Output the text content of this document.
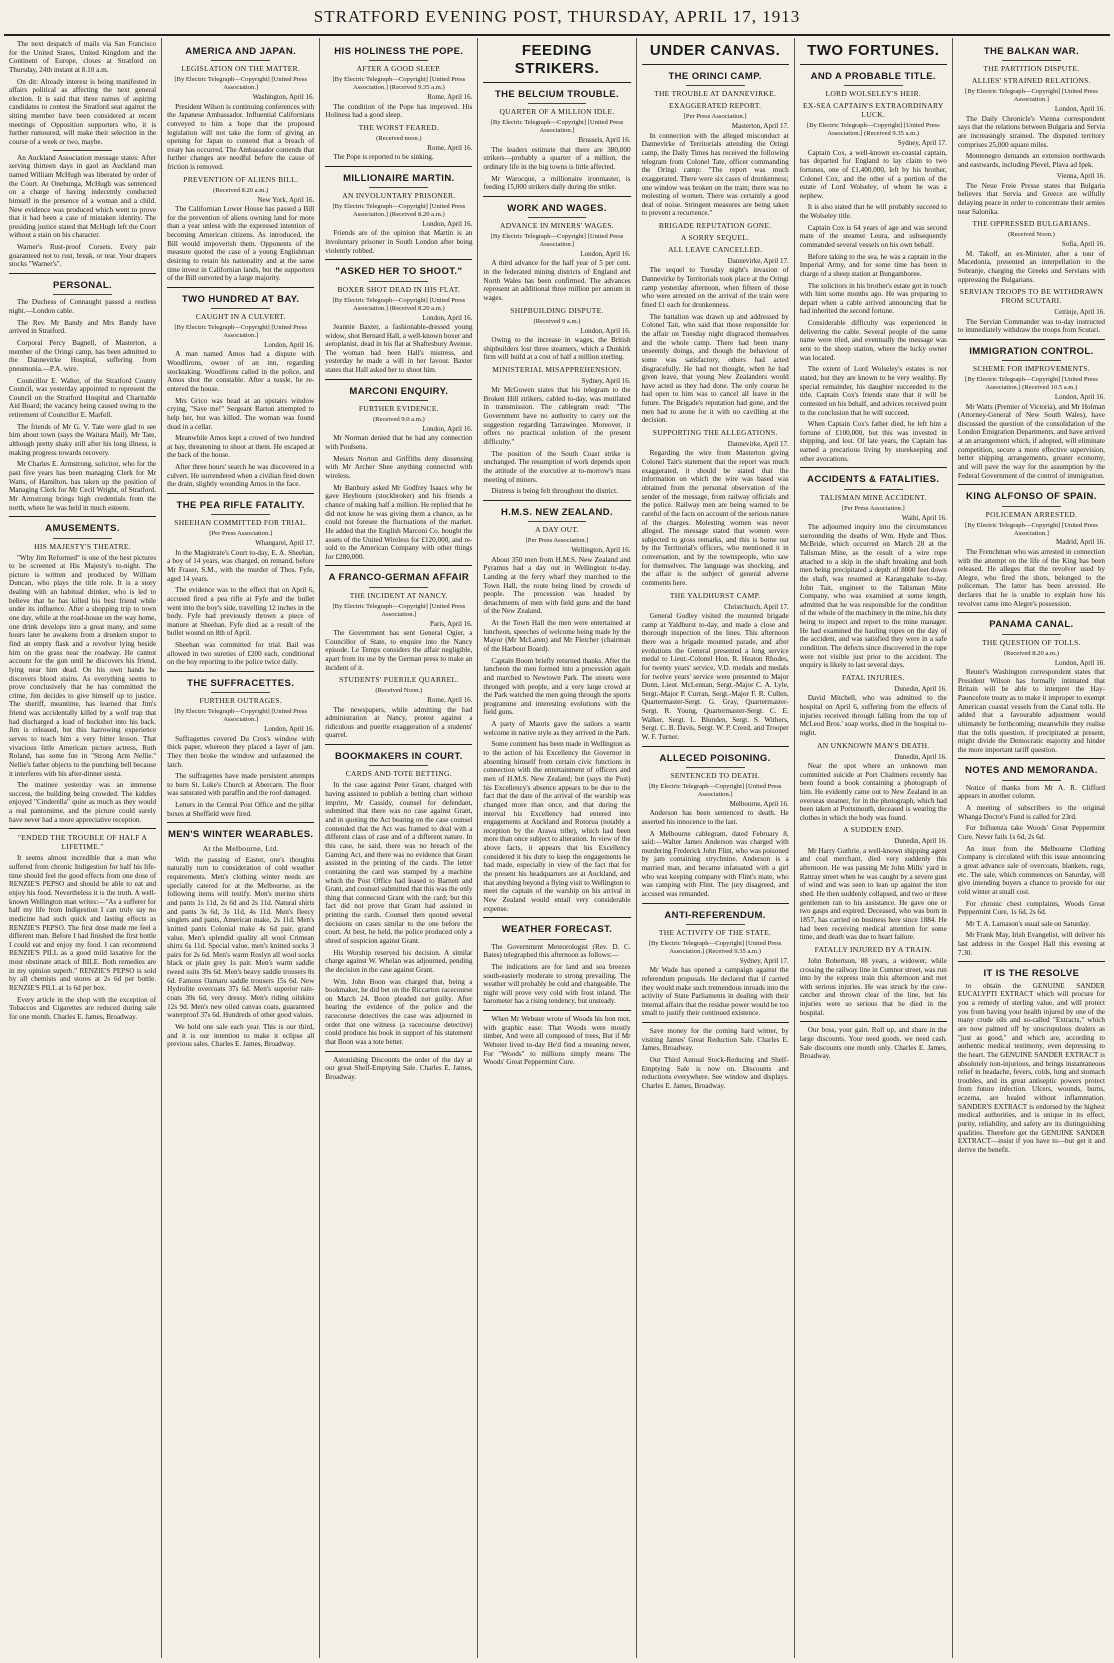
STRATFORD EVENING POST, THURSDAY, APRIL 17, 1913

The next despatch of mails via San Francisco for the United States, United Kingdom and the Continent of Europe, closes at Stratford on Thursday, 24th instant at 8.10 a.m.

On dit: Already interest is being manifested in affairs political as affecting the next general election. It is said that three names of aspiring candidates to contest the Stratford seat against the sitting member have been considered at recent meetings of Opposition supporters who, it is further rumoured, will make their selection in the course of a week or two, maybe.

An Auckland Association message states: After serving thirteen days in gaol an Auckland man named William McHugh was liberated by order of the Court. At Onehunga, McHugh was sentenced on a charge of having indecently conducted himself in the presence of a woman and a child. New evidence was produced which went to prove that it had been a case of mistaken identity. The presiding justice stated that McHugh left the Court without a stain on his character.

Warner's Rust-proof Corsets. Every pair guaranteed not to rust, break, or tear. Your drapers stocks "Warner's".

PERSONAL.

The Duchess of Connaught passed a restless night.—London cable.

The Rev. Mr Bandy and Mrs Bandy have arrived in Stratford.

Corporal Percy Bagnell, of Masterton, a member of the Oringi camp, has been admitted to the Dannevirke Hospital, suffering from pneumonia.—P.A. wire.

Councillor E. Walter, of the Stratford County Council, was yesterday appointed to represent the Council on the Stratford Hospital and Charitable Aid Board; the vacancy being caused owing to the retirement of Councillor E. Marfell.

The friends of Mr G. V. Tate were glad to see him about town (says the Waitara Mail). Mr Tate, although pretty shaky still after his long illness, is making progress towards recovery.

Mr Charles E. Armstrong, solicitor, who for the past five years has been managing Clerk for Mr Watts, of Hamilton, has taken up the position of Managing Clerk for Mr Cecil Wright, of Stratford. Mr Armstrong brings high credentials from the north, where he was held in much esteem.

AMUSEMENTS.
HIS MAJESTY'S THEATRE.

"Why Jim Reformed" is one of the best pictures to be screened at His Majesty's to-night. The picture is written and produced by William Duncan, who plays the title role. It is a story dealing with an habitual drinker, who is led to believe that he has killed his best friend while under its influence. After a shopping trip to town one day, while at the road-house on the way home, one drink develops into a great many, and some hours later he awakens from a drunken stupor to find an empty flask and a revolver lying beside him on the grass near the roadway. He cannot account for the gun until he discovers his friend, lying near him dead. On his own hands he discovers blood stains. As everything seems to prove conclusively that he has committed the crime, Jim decides to give himself up to justice. The sheriff, meantime, has learned that Jim's friend was accidentally killed by a wolf trap that had discharged a load of buckshot into his back. Jim is released, but this harrowing experience serves to teach him a very bitter lesson. That vivacious little American picture actress, Ruth Roland, has some fun in "Strong Arm Nellie." Nellie's father objects to the punching bell because it interferes with his after-dinner siesta.

The matinee yesterday was an immense success, the building being crowded. The kiddies enjoyed "Cinderella" quite as much as they would a real pantomime, and the picture could surely have never had a more appreciative reception.

"ENDED THE TROUBLE OF HALF A LIFETIME."

It seems almost incredible that a man who suffered from chronic Indigestion for half his life-time should feel the good effects from one dose of RENZIE'S PEPSO and should be able to eat and enjoy his food. Nevertheless it is the truth. A well-known Wellington man writes:—"As a sufferer for half my life from Indigestion I can truly say no medicine had such quick and lasting effects as RENZIE'S PEPSO. The first dose made me feel a different man. Before I had finished the first bottle I could eat and enjoy my food. I can recommend RENZIE'S PILL as a good mild laxative for the most obstinate attack of BILE. Both remedies are in my opinion superb." RENZIE'S PEPSO is sold by all chemists and stores at 2s 6d per bottle. RENZIE'S PILL at 1s 6d per box.

Every article in the shop with the exception of Tobaccos and Cigarettes are reduced during sale for one month. Charles E. James, Broadway.

AMERICA AND JAPAN.
LEGISLATION ON THE MATTER.
[By Electric Telegraph—Copyright] [United Press Association.]
Washington, April 16.

President Wilson is continuing conferences with the Japanese Ambassador. Influential Californians conveyed to him a hope that the proposed legislation will not take the form of giving an opening for Japan to contend that a breach of treaty has occurred. The Ambassador contends that further changes are needful before the cause of friction is removed.

PREVENTION OF ALIENS BILL.
(Received 8.20 a.m.)
New York, April 16.

The Californian Lower House has passed a Bill for the prevention of aliens owning land for more than a year unless with the expressed intention of becoming American citizens. As introduced, the Bill would impoverish them. Opponents of the measure quoted the case of a young Englishman desiring to retain his nationality and at the same time invest in Californian lands, but the supporters of the Bill outvoted by a large majority.

TWO HUNDRED AT BAY.
CAUGHT IN A CULVERT.
[By Electric Telegraph—Copyright] [United Press Association.]
London, April 16.

A man named Amos had a dispute with Woodfirons, owner of an inn, regarding stocktaking. Woodfirons called in the police, and Amos shot the constable. After a tussle, he re-entered the house.

Mrs Grico was head at an upstairs window crying, "Save me!" Sergeant Barton attempted to help her, but was killed. The woman was found dead in a cellar.

Meanwhile Amos kept a crowd of two hundred at bay, threatening to shoot at them. He escaped at the back of the house.

After three hours' search he was discovered in a culvert. He surrendered when a civilian fired down the drain, slightly wounding Amos in the face.

THE PEA RIFLE FATALITY.
SHEEHAN COMMITTED FOR TRIAL.
[Per Press Association.]
Whangarei, April 17.

In the Magistrate's Court to-day, E. A. Sheehan, a boy of 14 years, was charged, on remand, before Mr Fraser, S.M., with the murder of Thos. Fyfe, aged 14 years.

The evidence was to the effect that on April 6, accused fired a pea rifle at Fyfe and the bullet went into the boy's side, travelling 12 inches in the body. Fyfe had previously thrown a piece of manure at Sheehan. Fyfe died as a result of the bullet wound on 8th of April.

Sheehan was committed for trial. Bail was allowed in two sureties of £200 each, conditional on the boy reporting to the police twice daily.

THE SUFFRACETTES.
FURTHER OUTRAGES.
[By Electric Telegraph—Copyright] [United Press Association.]
London, April 16.

Suffragettes covered Du Cros's window with thick paper, whereon they placed a layer of jam. They then broke the window and unfastened the latch.

The suffragettes have made persistent attempts to burn St. Luke's Church at Abercarn. The floor was saturated with paraffin and the roof damaged.

Letters in the Central Post Office and the pillar boxes at Sheffield were fired.

MEN'S WINTER WEARABLES.
At the Melbourne, Ltd.

With the passing of Easter, one's thoughts naturally turn to consideration of cold weather requirements. Men's clothing winter needs are specially catered for at the Melbourne, as the following items will testify. Men's merino shirts and pants 1s 11d, 2s 6d and 2s 11d. Natural shirts and pants 3s 6d, 3s 11d, 4s 11d. Men's fleecy singlets and pants, American make, 2s 11d. Men's knitted pants Colonial make 4s 6d pair, grand value. Men's splendid quality all wool Crimean shirts 6s 11d. Special value, men's knitted socks 3 pairs for 2s 6d. Men's warm Roslyn all wool socks black or plain grey 1s pair. Men's warm saddle tweed suits 39s 6d. Men's heavy saddle trousers 8s 6d. Famous Oamaru saddle trousers 15s 6d. New Hydrolite overcoats 37s 6d. Men's superior rain-coats 39s 6d, very dressy. Men's riding oilskins 12s 9d. Men's new oiled canvas coats, guaranteed waterproof 37s 6d. Hundreds of other good values.

We hold one sale each year. This is our third, and it is our intention to make it eclipse all previous sales. Charles E. James, Broadway.

HIS HOLINESS THE POPE.
AFTER A GOOD SLEEP.
[By Electric Telegraph—Copyright] [United Press Association.] (Received 9.35 a.m.)
Rome, April 16.

The condition of the Pope has improved. His Holiness had a good sleep.

THE WORST FEARED.
(Received noon.)
Rome, April 16.

The Pope is reported to be sinking.

MILLIONAIRE MARTIN.
AN INVOLUNTARY PRISONER.
[By Electric Telegraph—Copyright] [United Press Association.] (Received 8.20 a.m.)
London, April 16.

Friends are of the opinion that Martin is an involuntary prisoner in South London after being violently robbed.

"ASKED HER TO SHOOT."
BOXER SHOT DEAD IN HIS FLAT.
[By Electric Telegraph—Copyright] [United Press Association.] (Received 8.20 a.m.)
London, April 16.

Jeannie Baxter, a fashionable-dressed young widow, shot Bernard Hall, a well-known boxer and aeroplanist, dead in his flat at Shaftesbury Avenue. The woman had been Hall's mistress, and yesterday he made a will in her favour. Baxter states that Hall asked her to shoot him.

MARCONI ENQUIRY.
FURTHER EVIDENCE.
(Received 9.0 a.m.)
London, April 16.

Mr Norman denied that he had any connection with Poulsens.

Messrs Norton and Griffiths deny dissensing with Mr Archer Shee anything connected with wireless.

Mr Banbury asked Mr Godfrey Isaacs why he gave Heybourn (stockbroker) and his friends a chance of making half a million. He replied that he did not know he was giving them a chance, as he could not foresee the fluctuations of the market. He added that the English Marconi Co. bought the assets of the United Wireless for £120,000, and re-sold to the American Company with other things for £280,000.

A FRANCO-GERMAN AFFAIR
THE INCIDENT AT NANCY.
[By Electric Telegraph—Copyright] [United Press Association.]
Paris, April 16.

The Government has sent General Ogier, a Councillor of State, to enquire into the Nancy episode. Le Temps considers the affair negligible, apart from its use by the German press to make an incident of it.

STUDENTS' PUERILE QUARREL.
(Received Noon.)
Rome, April 16.

The newspapers, while admitting the bad administration at Nancy, protest against a ridiculous and puerile exaggeration of a students' quarrel.

BOOKMAKERS IN COURT.
CARDS AND TOTE BETTING.

In the case against Peter Grant, charged with having assisted to publish a betting chart without imprint, Mr Cassidy, counsel for defendant, submitted that there was no case against Grant, and in quoting the Act bearing on the case counsel contended that the Act was framed to deal with a different class of case and of a different nature. In this case, he said, there was no breach of the Gaming Act, and there was no evidence that Grant assisted in the printing of the cards. The letter containing the card was stamped by a machine which the Post Office had leased to Barnett and Grant, and counsel submitted that this was the only thing that connected Grant with the card; but this fact did not prove that Grant had assisted in printing the cards. Counsel then quoted several decisions on cases similar to the one before the court. At best, he held, the police produced only a shred of suspicion against Grant.

His Worship reserved his decision. A similar charge against W. Whelan was adjourned, pending the decision in the case against Grant.

Wm. John Boon was charged that, being a bookmaker, he did bet on the Riccarton racecourse on March 24. Boon pleaded not guilty. After hearing the evidence of the police and the racecourse detectives the case was adjourned in order that one witness (a racecourse detective) could produce his book in support of his statement that Boon was a tote better.

Astonishing Discounts the order of the day at our great Shelf-Emptying Sale. Charles E. James, Broadway.

FEEDING STRIKERS.
THE BELCIUM TROUBLE.
QUARTER OF A MILLION IDLE.
[By Electric Telegraph—Copyright] [United Press Association.]
Brussels, April 16.

The leaders estimate that there are 380,000 strikers—probably a quarter of a million, the ordinary life in the big towns is little affected.

Mr Warocque, a millionaire ironmaster, is feeding 15,000 strikers daily during the strike.

WORK AND WAGES.
ADVANCE IN MINERS' WAGES.
[By Electric Telegraph—Copyright] [United Press Association.]
London, April 16.

A third advance for the half year of 5 per cent. in the federated mining districts of England and North Wales has been confirmed. The advances represent an additional three million per annum in wages.

SHIPBUILDING DISPUTE.
(Received 9 a.m.)
London, April 16.

Owing to the increase in wages, the British shipbuilders lost three steamers, which a Dunkirk firm will build at a cost of half a million sterling.

MINISTERIAL MISAPPREHENSION.
Sydney, April 16.

Mr McGowen states that his telegram to the Broken Hill strikers, cabled to-day, was mutilated in transmission. The cablegram read: "The Government have no authority to carry out the suggestion regarding Tarrawingee. Moreover, it offers no practical solution of the present difficulty."

The position of the South Coast strike is unchanged. The resumption of work depends upon the attitude of the executive at to-morrow's mass meeting of miners.

Distress is being felt throughout the district.

H.M.S. NEW ZEALAND.
A DAY OUT.
[Per Press Association.]
Wellington, April 16.

About 350 men from H.M.S. New Zealand and Pyramus had a day out in Wellington to-day. Landing at the ferry wharf they marched to the Town Hall, the route being lined by crowds of people. The procession was headed by detachments of men with field guns and the band of the New Zealand.

At the Town Hall the men were entertained at luncheon, speeches of welcome being made by the Mayor (Mr McLaren) and Mr Fletcher (chairman of the Harbour Board).

Captain Boom briefly returned thanks. After the luncheon the men formed into a procession again and marched to Newtown Park. The streets were thronged with people, and a very large crowd at the Park watched the men going through the sports programme and interesting evolutions with the field guns.

A party of Maoris gave the sailors a warm welcome in native style as they arrived in the Park.

Some comment has been made in Wellington as to the action of his Excellency the Governor in absenting himself from certain civic functions in connection with the entertainment of officers and men of H.M.S. New Zealand; but (says the Post) his Excellency's absence appears to be due to the fact that the date of the arrival of the warship was changed more than once, and that during the interval his Excellency had entered into engagements at Auckland and Rotorua (notably a reception by the Arawa tribe), which had been more than once subject to alteration. In view of the above facts, it appears that his Excellency considered it his duty to keep the engagements he had made, especially in view of the fact that for the present his headquarters are at Auckland, and that anything beyond a flying visit to Wellington to meet the captain of the warship on his arrival in New Zealand would entail very considerable expense.

WEATHER FORECAST.

The Government Meteorologist (Rev. D. C. Bates) telegraphed this afternoon as follows:—

The indications are for land and sea breezes south-easterly moderate to strong prevailing. The weather will probably be cold and changeable. The night will prove very cold with frost inland. The barometer has a rising tendency, but unsteady.

When Mr Webster wrote of Woods his bon mot, with graphic ease: That Woods were mostly timber, And were all composed of trees, But if Mr Webster lived to-day He'd find a meaning newer, For "Woods" to millions simply means The Woods' Great Peppermint Cure.

UNDER CANVAS.
THE ORINCI CAMP.
THE TROUBLE AT DANNEVIRKE.
EXAGGERATED REPORT.
[Per Press Association.]
Masterton, April 17.

In connection with the alleged misconduct at Dannevirke of Territorials attending the Oringi camp, the Daily Times has received the following telegram from Colonel Tate, officer commanding the Oringi camp: "The report was much exaggerated. There were six cases of drunkenness; one window was broken on the train; there was no molesting of women. There was certainly a good deal of noise. Stringent measures are being taken to prevent a recurrence."

BRIGADE REPUTATION GONE.
A SORRY SEQUEL.
ALL LEAVE CANCELLED.
Dannevirke, April 17.

The sequel to Tuesday night's invasion of Dannevirke by Territorials took place at the Oringi camp yesterday afternoon, when fifteen of those who were arrested on the arrival of the train were fined £1 each for drunkenness.

The battalion was drawn up and addressed by Colonel Tait, who said that those responsible for the affair on Tuesday night disgraced themselves and the whole camp. There had been many unseemly doings, and though the behaviour of some was satisfactory, others had acted disgracefully. He had not thought, when he had given leave, that young New Zealanders would have acted as they had done. The only course he had open to him was to cancel all leave in the future. The Brigade's reputation had gone, and the men had to atone for it with no cavilling at the decision.

SUPPORTING THE ALLEGATIONS.
Dannevirke, April 17.

Regarding the wire from Masterton giving Colonel Tait's statement that the report was much exaggerated, it should be stated that the information on which the wire was based was obtained from the personal observation of the sender of the message, from railway officials and the police. Railway men are being warned to be careful of the facts on account of the serious nature of the charges. Molesting women was never alleged. The message stated that women were subjected to gross remarks, and this is borne out by the Territorial's officers, who mentioned it in conversation, and by the townspeople, who saw for themselves. The language was shocking, and the affair is the subject of general adverse comments here.

THE YALDHURST CAMP.
Christchurch, April 17.

General Godley visited the mounted brigade camp at Yaldhurst to-day, and made a close and thorough inspection of the lines. This afternoon there was a brigade mounted parade, and after evolutions the General presented a long service medal to Lieut.-Colonel Hon. R. Heaton Rhodes, for twenty years' service, V.D. medals and medals for twelve years' service were presented to Major Dunn, Lieut. McLennan, Sergt.-Major C. A. Lyle, Sergt.-Major P. Curran, Sergt.-Major F. R. Cullen, Quartermaster-Sergt. G. Gray, Quartermaster-Sergt. R. Young, Quartermaster-Sergt. C. E. Walker, Sergt. L. Blunden, Sergt. S. Withers, Sergt. C. B. Davis, Sergt. W. P. Creed, and Trooper W. F. Turner.

ALLECED POISONING.
SENTENCED TO DEATH.
[By Electric Telegraph—Copyright] [United Press Association.]
Melbourne, April 16.

Anderson has been sentenced to death. He asserted his innocence to the last.

A Melbourne cablegram, dated February 8, said:—Walter James Anderson was charged with murdering Frederick John Flint, who was poisoned by jam containing strychnine. Anderson is a married man, and became infatuated with a girl who was keeping company with Flint's mate, who was camping with Flint. The jury disagreed, and accused was remanded.

ANTI-REFERENDUM.
THE ACTIVITY OF THE STATE.
[By Electric Telegraph—Copyright] [United Press Association.] (Received 9.35 a.m.)
Sydney, April 17.

Mr Wade has opened a campaign against the referendum proposals. He declared that if carried they would make such tremendous inroads into the activity of State Parliaments in dealing with their internal affairs that the residue power would be too small to justify their continued existence.

Save money for the coming hard winter, by visiting James' Great Reduction Sale. Charles E. James, Broadway.

Our Third Annual Stock-Reducing and Shelf-Emptying Sale is now on. Discounts and reductions everywhere. See window and displays. Charles E. James, Broadway.

TWO FORTUNES.
AND A PROBABLE TITLE.
LORD WOLSELEY'S HEIR.
EX-SEA CAPTAIN'S EXTRAORDINARY LUCK.
[By Electric Telegraph—Copyright] [United Press Association.] (Received 9.35 a.m.)
Sydney, April 17.

Captain Cox, a well-known ex-coastal captain, has departed for England to lay claim to two fortunes, one of £1,400,000, left by his brother, Colonel Cox, and the other of a portion of the estate of Lord Wolseley, of whom he was a nephew.

It is also stated that he will probably succeed to the Wolseley title.

Captain Cox is 64 years of age and was second mate of the steamer Leura, and subsequently commanded several vessels on his own behalf.

Before taking to the sea, he was a captain in the Imperial Army, and for some time has been in charge of a sheep station at Bungamboree.

The solicitors in his brother's estate got in touch with him some months ago. He was preparing to depart when a cable arrived announcing that he had inherited the second fortune.

Considerable difficulty was experienced in delivering the cable. Several people of the same name were tried, and eventually the message was sent to the sheep station, where the lucky owner was located.

The extent of Lord Wolseley's estates is not stated, but they are known to be very wealthy. By special remainder, his daughter succeeded to the title. Captain Cox's friends state that it will be contested on his behalf, and advices received point to the conclusion that he will succeed.

When Captain Cox's father died, he left him a fortune of £100,000, but this was invested in shipping, and lost. Of late years, the Captain has earned a precarious living by storekeeping and other avocations.

ACCIDENTS & FATALITIES.
TALISMAN MINE ACCIDENT.
[Per Press Association.]
Waihi, April 16.

The adjourned inquiry into the circumstances surrounding the deaths of Wm. Hyde and Thos. McBride, which occurred on March 28 at the Talisman Mine, as the result of a wire rope attached to a skip in the shaft breaking and both men being precipitated a depth of 8000 feet down the shaft, was resumed at Karangahake to-day. John Tait, engineer to the Talisman Mine Company, who was examined at some length, admitted that he was responsible for the condition of the whole of the machinery in the mine, his duty being to inspect and report to the mine manager. He had examined the hauling ropes on the day of the accident, and was satisfied they were in a safe condition. The defects since discovered in the rope were not visible just prior to the accident. The enquiry is likely to last several days.

FATAL INJURIES.
Dunedin, April 16.

David Mitchell, who was admitted to the hospital on April 6, suffering from the effects of injuries received through falling from the top of McLeod Bros.' soap works, died in the hospital to-night.

AN UNKNOWN MAN'S DEATH.
Dunedin, April 16.

Near the spot where an unknown man committed suicide at Port Chalmers recently has been found a book containing a photograph of him. He evidently came out to New Zealand in an overseas steamer, for in the photograph, which had been taken at Portsmouth, deceased is wearing the clothes in which the body was found.

A SUDDEN END.
Dunedin, April 16.

Mr Harry Guthrie, a well-known shipping agent and coal merchant, died very suddenly this afternoon. He was passing Mr John Mills' yard in Rattray street when he was caught by a severe gust of wind and was seen to lean up against the iron shed. He then suddenly collapsed, and two or three gentlemen ran to his assistance. He gave one or two gasps and expired. Deceased, who was born in 1857, has carried on business here since 1884. He had been receiving medical attention for some time, and death was due to heart failure.

FATALLY INJURED BY A TRAIN.

John Robertson, 88 years, a widower, while crossing the railway line in Cumnor street, was run into by the express train this afternoon and met with serious injuries. He was struck by the cow-catcher and thrown clear of the line, but his injuries were so serious that he died in the hospital.

Our boss, your gain. Roll up, and share in the large discounts. Your need goods, we need cash. Sale discounts one month only. Charles E. James, Broadway.

THE BALKAN WAR.
THE PARTITION DISPUTE.
ALLIES' STRAINED RELATIONS.
[By Electric Telegraph—Copyright] [United Press Association.]
London, April 16.

The Daily Chronicle's Vienna correspondent says that the relations between Bulgaria and Servia are increasingly strained. The disputed territory comprises 25,000 square miles.

Montenegro demands an extension northwards and eastwards, including Plevel, Plava ad Ipek.

Vienna, April 16.

The Neue Freie Presse states that Bulgaria believes that Servia and Greece are wilfully delaying peace in order to concentrate their armies near Salonika.

THE OPPRESSED BULGARIANS.
(Received Noon.)
Sofia, April 16.

M. Takoff, an ex-Minister, after a tour of Macedonia, presented an interpellation to the Sobranje, charging the Greeks and Servians with oppressing the Bulgarians.

SERVIAN TROOPS TO BE WITHDRAWN FROM SCUTARI.
Cettinje, April 16.

The Servian Commander was to-day instructed to immediately withdraw the troops from Scutari.

IMMIGRATION CONTROL.
SCHEME FOR IMPROVEMENTS.
[By Electric Telegraph—Copyright] [United Press Association.] (Received 10.5 a.m.)
London, April 16.

Mr Watts (Premier of Victoria), and Mr Holman (Attorney-General of New South Wales), have discussed the question of the consolidation of the London Emigration Departments, and have arrived at an arrangement which, if adopted, will eliminate competition, secure a more effective supervision, better shipping arrangements, greater economy, and will pave the way for the assumption by the Federal Government of the control of immigration.

KING ALFONSO OF SPAIN.
POLICEMAN ARRESTED.
[By Electric Telegraph—Copyright] [United Press Association.]
Madrid, April 16.

The Frenchman who was arrested in connection with the attempt on the life of the King has been released. He alleges that the revolver used by Alegre, who fired the shots, belonged to the policeman. The latter has been arrested. He declares that he is unable to explain how his revolver came into Alegre's possession.

PANAMA CANAL.
THE QUESTION OF TOLLS.
(Received 8.20 a.m.)
London, April 16.

Reuter's Washington correspondent states that President Wilson has formally intimated that Britain will be able to interpret the Hay-Pauncefote treaty as to make it improper to exempt American coastal vessels from the Canal tolls. He added that a favourable adjustment would ultimately be forthcoming; meanwhile they realise that the tolls question, if precipitated at present, might divide the Democratic majority and hinder the more important tariff question.

NOTES AND MEMORANDA.

Notice of thanks from Mr A. R. Clifford appears in another column.

A meeting of subscribers to the original Whanga Doctor's Fund is called for 23rd.

For Influenza take Woods' Great Peppermint Cure. Never fails 1s 6d, 2s 6d.

An inset from the Melbourne Clothing Company is circulated with this issue announcing a great advance sale of overcoats, blankets, rugs, etc. The sale, which commences on Saturday, will give intending buyers a chance to provide for our cold winter at small cost.

For chronic chest complaints, Woods Great Peppermint Cure, 1s 6d, 2s 6d.

Mr T. A. Lamason's usual sale on Saturday.

Mr Frank May, Irish Evangelist, will deliver his last address in the Gospel Hall this evening at 7.30.

IT IS THE RESOLVE

to obtain the GENUINE SANDER EUCALYPTI EXTRACT which will procure for you a remedy of sterling value, and will protect you from having your health injured by one of the many crude oils and so-called "Extracts," which are now palmed off by unscrupulous dealers as "just as good," and which are, according to authentic medical testimony, even depressing to the heart. The GENUINE SANDER EXTRACT is absolutely non-injurious, and brings instantaneous relief in headache, fevers, colds, lung and stomach troubles, and its great antiseptic powers protect from future infection. Ulcers, wounds, burns, eczema, are healed without inflammation. SANDER'S EXTRACT is endorsed by the highest medical authorities, and is unique in its effect, purity, reliability, and safety are its distinguishing qualities. Therefore get the GENUINE SANDER EXTRACT—insist if you have to—but get it and derive the benefit.
